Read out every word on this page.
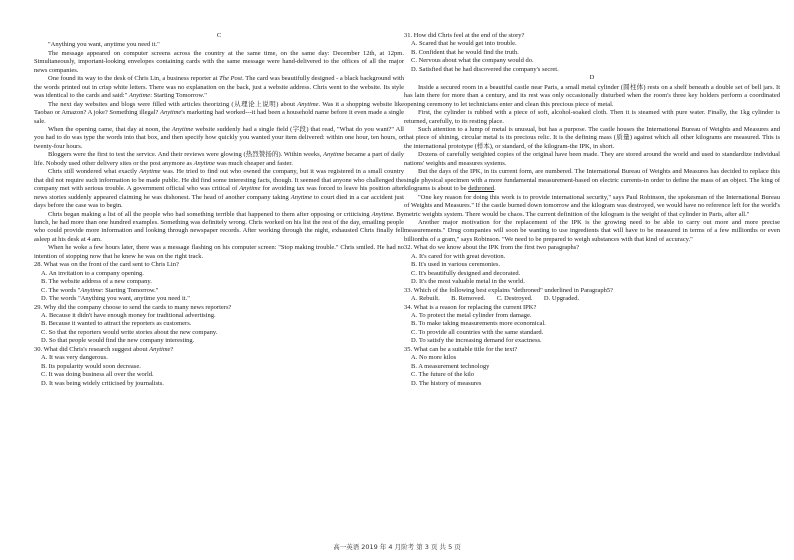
C

"Anything you want, anytime you need it."

The message appeared on computer screens across the country at the same time, on the same day: December 12th, at 12pm. Simultaneously, important-looking envelopes containing cards with the same message were hand-delivered to the offices of all the major news companies.

One found its way to the desk of Chris Lin, a business reporter at The Post. The card was beautifully designed - a black background with the words printed out in crisp white letters. There was no explanation on the back, just a website address. Chris went to the website. Its style was identical to the cards and said:" Anytime: Starting Tomorrow."

The next day websites and blogs were filled with articles theorizing (从理论上说明) about Anytime. Was it a shopping website like Taobao or Amazon? A joke? Something illegal? Anytime's marketing had worked---it had been a household name before it even made a single sale.

When the opening came, that day at noon, the Anytime website suddenly had a single field (字段) that read, "What do you want?" All you had to do was type the words into that box, and then specify how quickly you wanted your item delivered: within one hour, ten hours, or twenty-four hours.

Bloggers were the first to test the service. And their reviews were glowing (热烈赞扬的). Within weeks, Anytime became a part of daily life. Nobody used other delivery sites or the post anymore as Anytime was much cheaper and faster.

Chris still wondered what exactly Anytime was. He tried to find out who owned the company, but it was registered in a small country that did not require such information to be made public. He did find some interesting facts, though. It seemed that anyone who challenged the company met with serious trouble. A government official who was critical of Anytime for avoiding tax was forced to leave his position after news stories suddenly appeared claiming he was dishonest. The head of another company taking Anytime to court died in a car accident just days before the case was to begin.

Chris began making a list of all the people who had something terrible that happened to them after opposing or criticising Anytime. By lunch, he had more than one hundred examples. Something was definitely wrong. Chris worked on his list the rest of the day, emailing people who could provide more information and looking through newspaper records. After working through the night, exhausted Chris finally fell asleep at his desk at 4 am.

When he woke a few hours later, there was a message flashing on his computer screen: "Stop making trouble." Chris smiled. He had no intention of stopping now that he knew he was on the right track.

28. What was on the front of the card sent to Chris Lin?

A. An invitation to a company opening.

B. The website address of a new company.

C. The words "Anytime: Starting Tomorrow."

D. The words "Anything you want, anytime you need it."

29. Why did the company choose to send the cards to many news reporters?

A. Because it didn't have enough money for traditional advertising.

B. Because it wanted to attract the reporters as customers.

C. So that the reporters would write stories about the new company.

D. So that people would find the new company interesting.

30. What did Chris's research suggest about Anytime?

A. It was very dangerous.

B. Its popularity would soon decrease.

C. It was doing business all over the world.

D. It was being widely criticised by journalists.

31. How did Chris feel at the end of the story?

A. Scared that he would get into trouble.

B. Confident that he would find the truth.

C. Nervous about what the company would do.

D. Satisfied that he had discovered the company's secret.

D

Inside a secured room in a beautiful castle near Paris, a small metal cylinder (圆柱体) rests on a shelf beneath a double set of bell jars. It has lain there for more than a century, and its rest was only occasionally disturbed when the room's three key holders perform a coordinated opening ceremony to let technicians enter and clean this precious piece of metal.

First, the cylinder is rubbed with a piece of soft, alcohol-soaked cloth. Then it is steamed with pure water. Finally, the 1kg cylinder is returned, carefully, to its resting place.

Such attention to a lump of metal is unusual, but has a purpose. The castle houses the International Bureau of Weights and Measures and that piece of shining, circular metal is its precious relic. It is the defining mass (质量) against which all other kilograms are measured. This is the international prototype (样本), or standard, of the kilogram-the IPK, in short.

Dozens of carefully weighted copies of the original have been made. They are stored around the world and used to standardize individual nations' weights and measures systems.

But the days of the IPK, in its current form, are numbered. The International Bureau of Weights and Measures has decided to replace this single physical specimen with a more fundamental measurement-based on electric currents-in order to define the mass of an object. The king of kilograms is about to be dethroned.

"One key reason for doing this work is to provide international security," says Paul Robinson, the spokesman of the International Bureau of Weights and Measures." If the castle burned down tomorrow and the kilogram was destroyed, we would have no reference left for the world's metric weights system. There would be chaos. The current definition of the kilogram is the weight of that cylinder in Paris, after all."

Another major motivation for the replacement of the IPK is the growing need to be able to carry out more and more precise measurements." Drug companies will soon be wanting to use ingredients that will have to be measured in terms of a few millionths or even billionths of a gram," says Robinson. "We need to be prepared to weigh substances with that kind of accuracy."

32. What do we know about the IPK from the first two paragraphs?

A. It's cared for with great devotion.

B. It's used in various ceremonies.

C. It's beautifully designed and decorated.

D. It's the most valuable metal in the world.

33. Which of the following best explains "dethroned" underlined in Paragraph5?

A. Rebuilt. B. Removed. C. Destroyed. D. Upgraded.

34. What is a reason for replacing the current IPK?

A. To protect the metal cylinder from damage.

B. To make taking measurements more economical.

C. To provide all countries with the same standard.

D. To satisfy the increasing demand for exactness.

35. What can be a suitable title for the text?

A. No more kilos

B. A measurement technology

C. The future of the kilo

D. The history of measures

高一英语 2019 年 4 月阶考 第 3 页 共 5 页
